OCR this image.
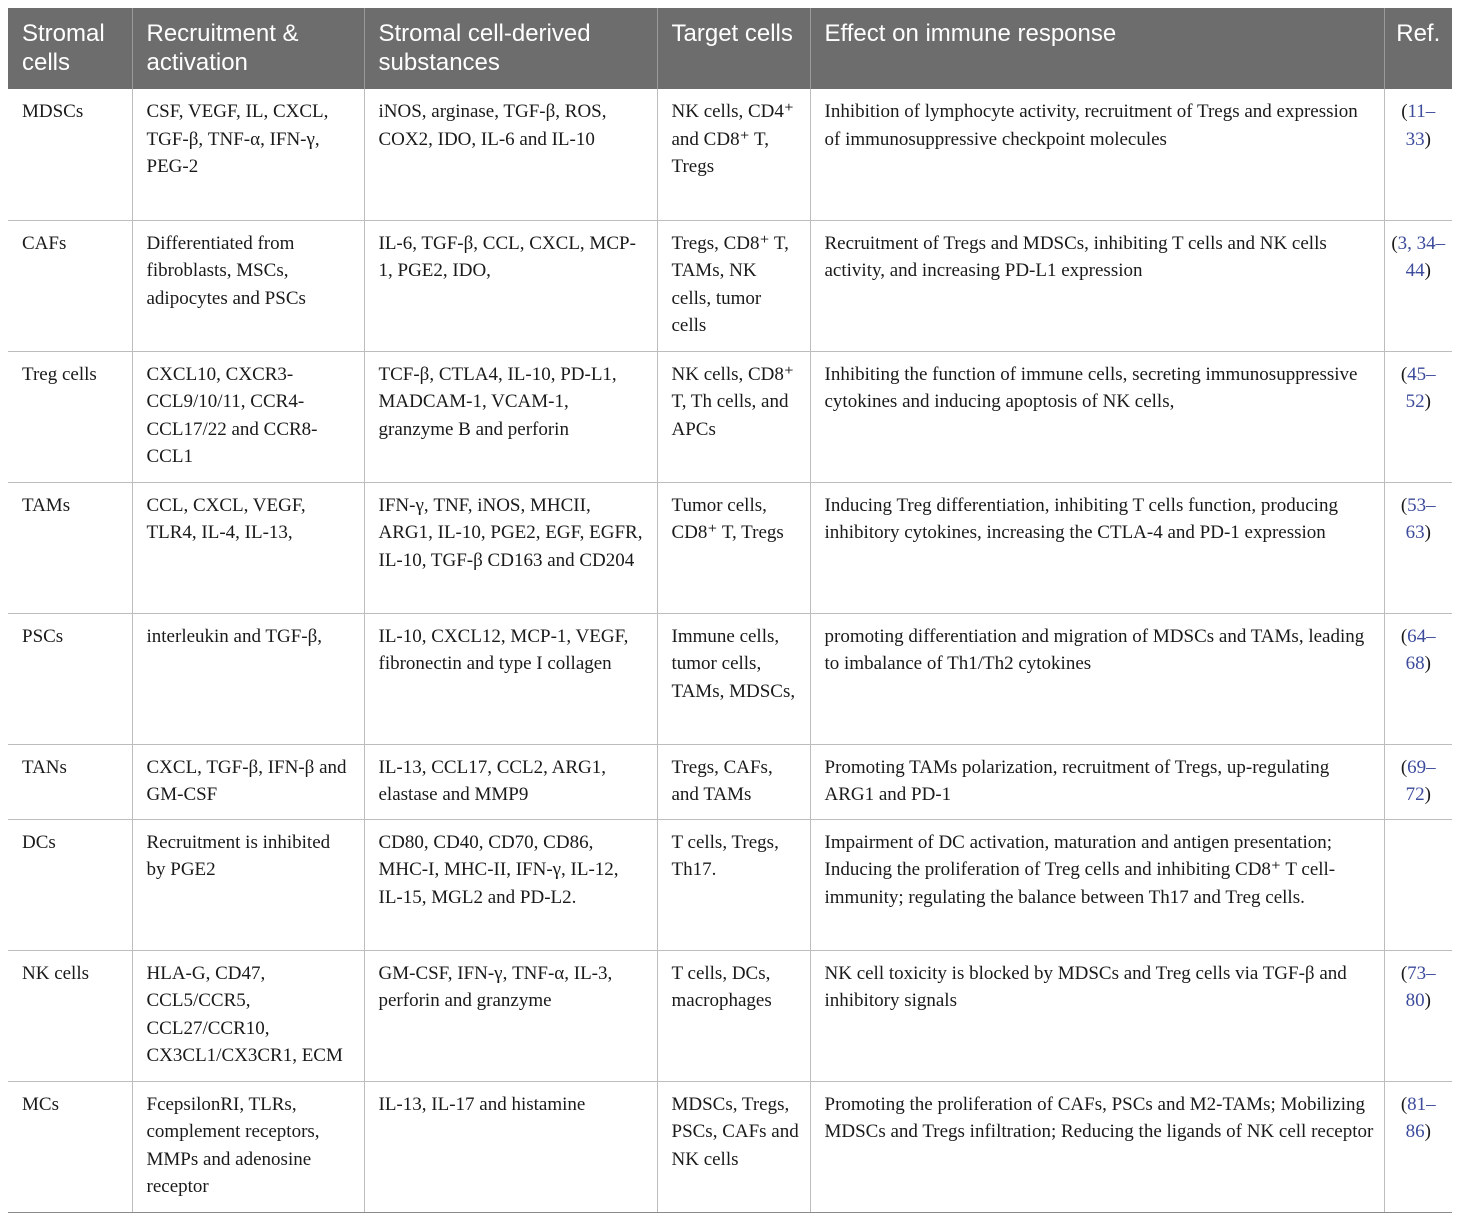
Stromal cells	Recruitment & activation	Stromal cell-derived substances	Target cells	Effect on immune response	Ref.
MDSCs	CSF, VEGF, IL, CXCL, TGF-β, TNF-α, IFN-γ, PEG-2	iNOS, arginase, TGF-β, ROS, COX2, IDO, IL-6 and IL-10	NK cells, CD4⁺ and CD8⁺ T, Tregs	Inhibition of lymphocyte activity, recruitment of Tregs and expression of immunosuppressive checkpoint molecules	(11–33)
CAFs	Differentiated from fibroblasts, MSCs, adipocytes and PSCs	IL-6, TGF-β, CCL, CXCL, MCP-1, PGE2, IDO,	Tregs, CD8⁺ T, TAMs, NK cells, tumor cells	Recruitment of Tregs and MDSCs, inhibiting T cells and NK cells activity, and increasing PD-L1 expression	(3, 34–44)
Treg cells	CXCL10, CXCR3-CCL9/10/11, CCR4-CCL17/22 and CCR8-CCL1	TCF-β, CTLA4, IL-10, PD-L1, MADCAM-1, VCAM-1, granzyme B and perforin	NK cells, CD8⁺ T, Th cells, and APCs	Inhibiting the function of immune cells, secreting immunosuppressive cytokines and inducing apoptosis of NK cells,	(45–52)
TAMs	CCL, CXCL, VEGF, TLR4, IL-4, IL-13,	IFN-γ, TNF, iNOS, MHCII, ARG1, IL-10, PGE2, EGF, EGFR, IL-10, TGF-β CD163 and CD204	Tumor cells, CD8⁺ T, Tregs	Inducing Treg differentiation, inhibiting T cells function, producing inhibitory cytokines, increasing the CTLA-4 and PD-1 expression	(53–63)
PSCs	interleukin and TGF-β,	IL-10, CXCL12, MCP-1, VEGF, fibronectin and type I collagen	Immune cells, tumor cells, TAMs, MDSCs,	promoting differentiation and migration of MDSCs and TAMs, leading to imbalance of Th1/Th2 cytokines	(64–68)
TANs	CXCL, TGF-β, IFN-β and GM-CSF	IL-13, CCL17, CCL2, ARG1, elastase and MMP9	Tregs, CAFs, and TAMs	Promoting TAMs polarization, recruitment of Tregs, up-regulating ARG1 and PD-1	(69–72)
DCs	Recruitment is inhibited by PGE2	CD80, CD40, CD70, CD86, MHC-I, MHC-II, IFN-γ, IL-12, IL-15, MGL2 and PD-L2.	T cells, Tregs, Th17.	Impairment of DC activation, maturation and antigen presentation; Inducing the proliferation of Treg cells and inhibiting CD8⁺ T cell- immunity; regulating the balance between Th17 and Treg cells.	
NK cells	HLA-G, CD47, CCL5/CCR5, CCL27/CCR10, CX3CL1/CX3CR1, ECM	GM-CSF, IFN-γ, TNF-α, IL-3, perforin and granzyme	T cells, DCs, macrophages	NK cell toxicity is blocked by MDSCs and Treg cells via TGF-β and inhibitory signals	(73–80)
MCs	FcepsilonRI, TLRs, complement receptors, MMPs and adenosine receptor	IL-13, IL-17 and histamine	MDSCs, Tregs, PSCs, CAFs and NK cells	Promoting the proliferation of CAFs, PSCs and M2-TAMs; Mobilizing MDSCs and Tregs infiltration; Reducing the ligands of NK cell receptor	(81–86)
